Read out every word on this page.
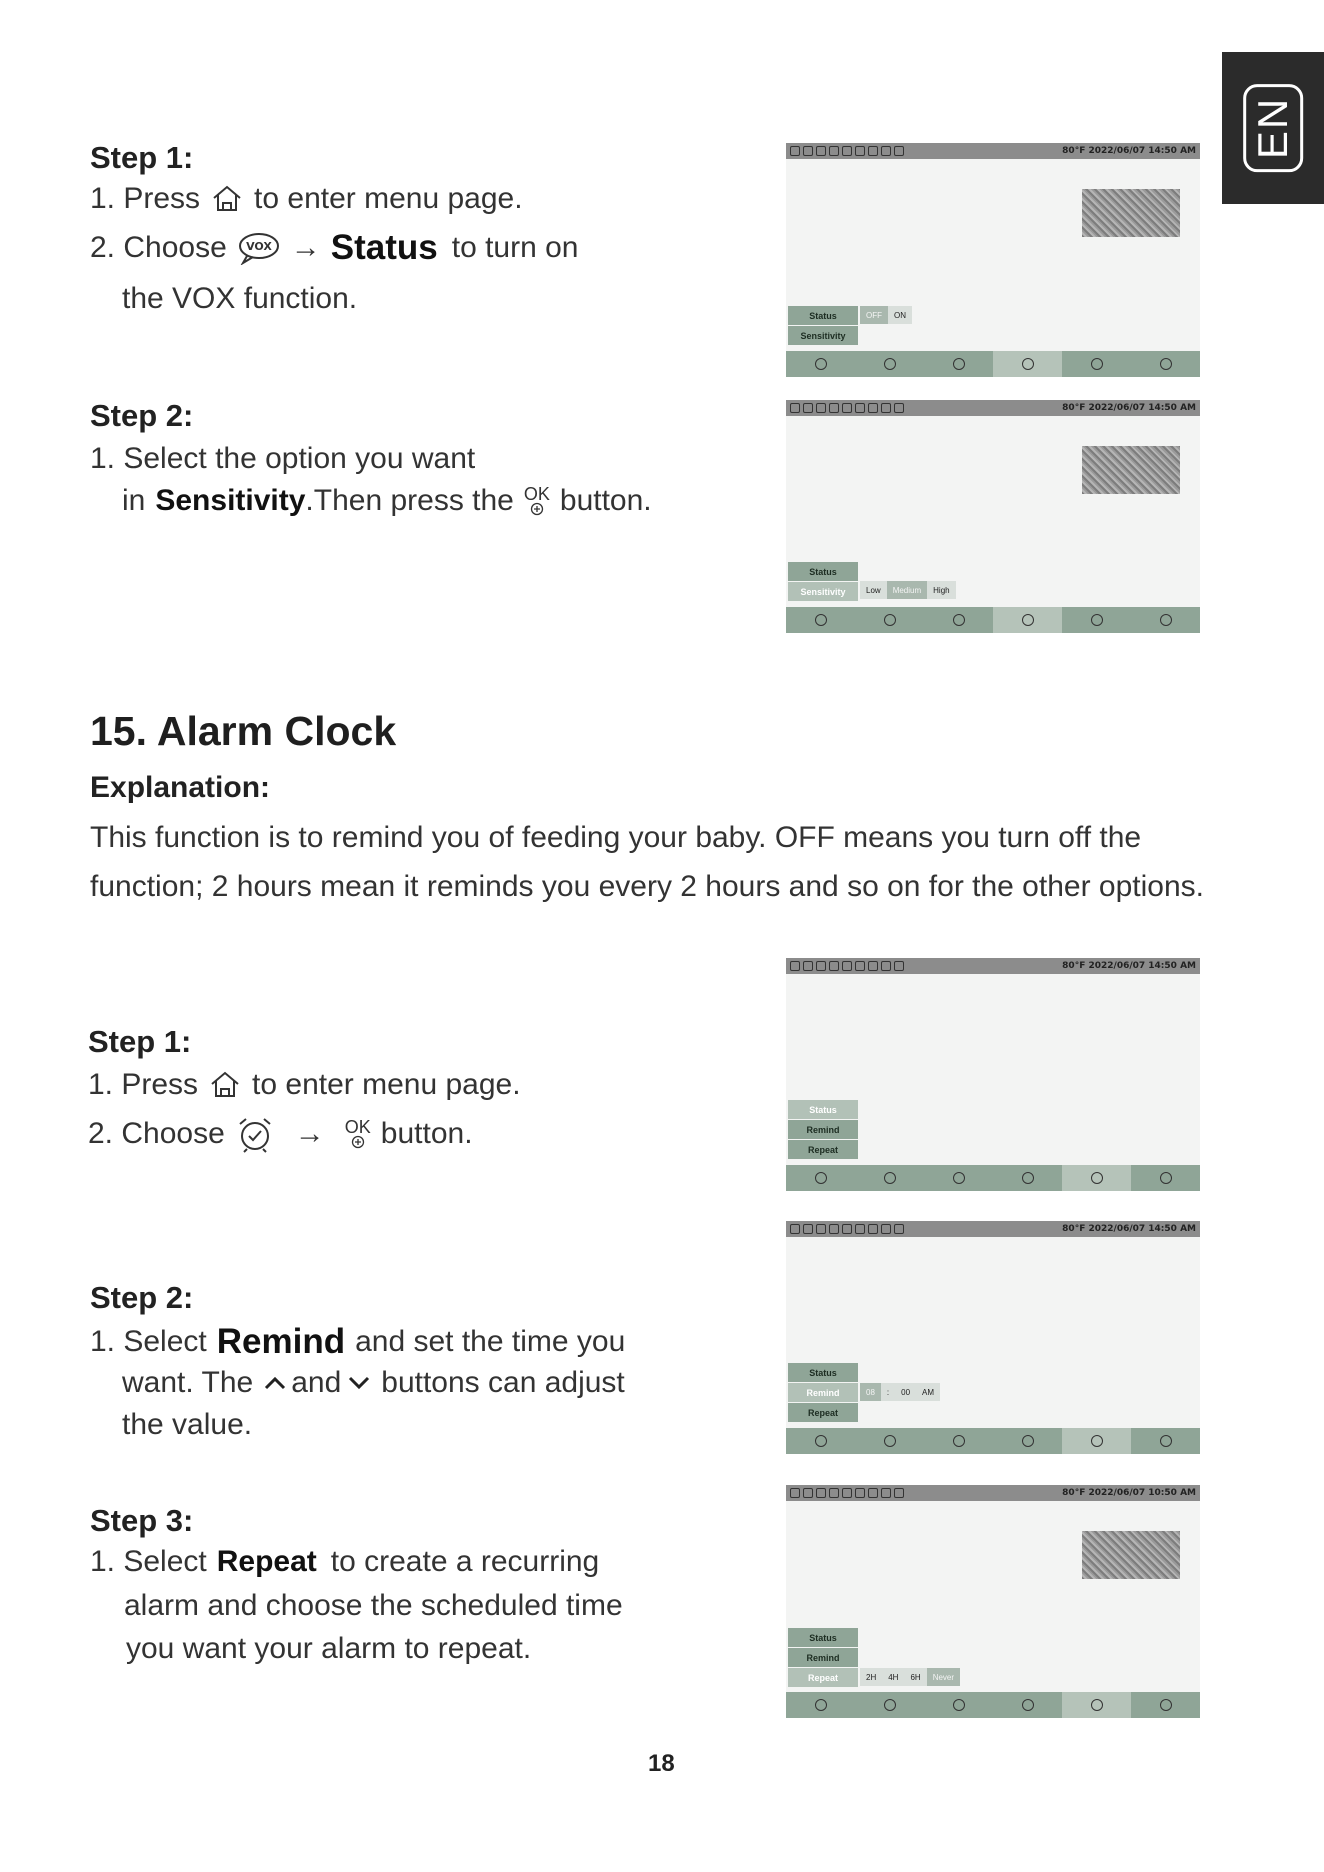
EN
Step 1:
1. Press to enter menu page.
2. Choose VOX → Status to turn on
the VOX function.
Step 2:
1. Select the option you want
in Sensitivity .Then press the OK button.
15. Alarm Clock
Explanation:
This function is to remind you of feeding your baby. OFF means you turn off the function; 2 hours mean it reminds you every 2 hours and so on for the other options.
Step 1:
1. Press to enter menu page.
2. Choose → OK button.
Step 2:
1. Select Remind and set the time you
want. The and buttons can adjust
the value.
Step 3:
1. Select Repeat to create a recurring
alarm and choose the scheduled time
you want your alarm to repeat.
18
80°F 2022/06/07 14:50 AM
Status
Sensitivity
OFF	ON
80°F 2022/06/07 14:50 AM
Status
Sensitivity	Low	Medium	High
80°F 2022/06/07 14:50 AM
Status
Remind
Repeat
80°F 2022/06/07 14:50 AM
Status
Remind
Repeat
08	:	00	AM
80°F 2022/06/07 10:50 AM
Status
Remind
Repeat	2H	4H	6H	Never
